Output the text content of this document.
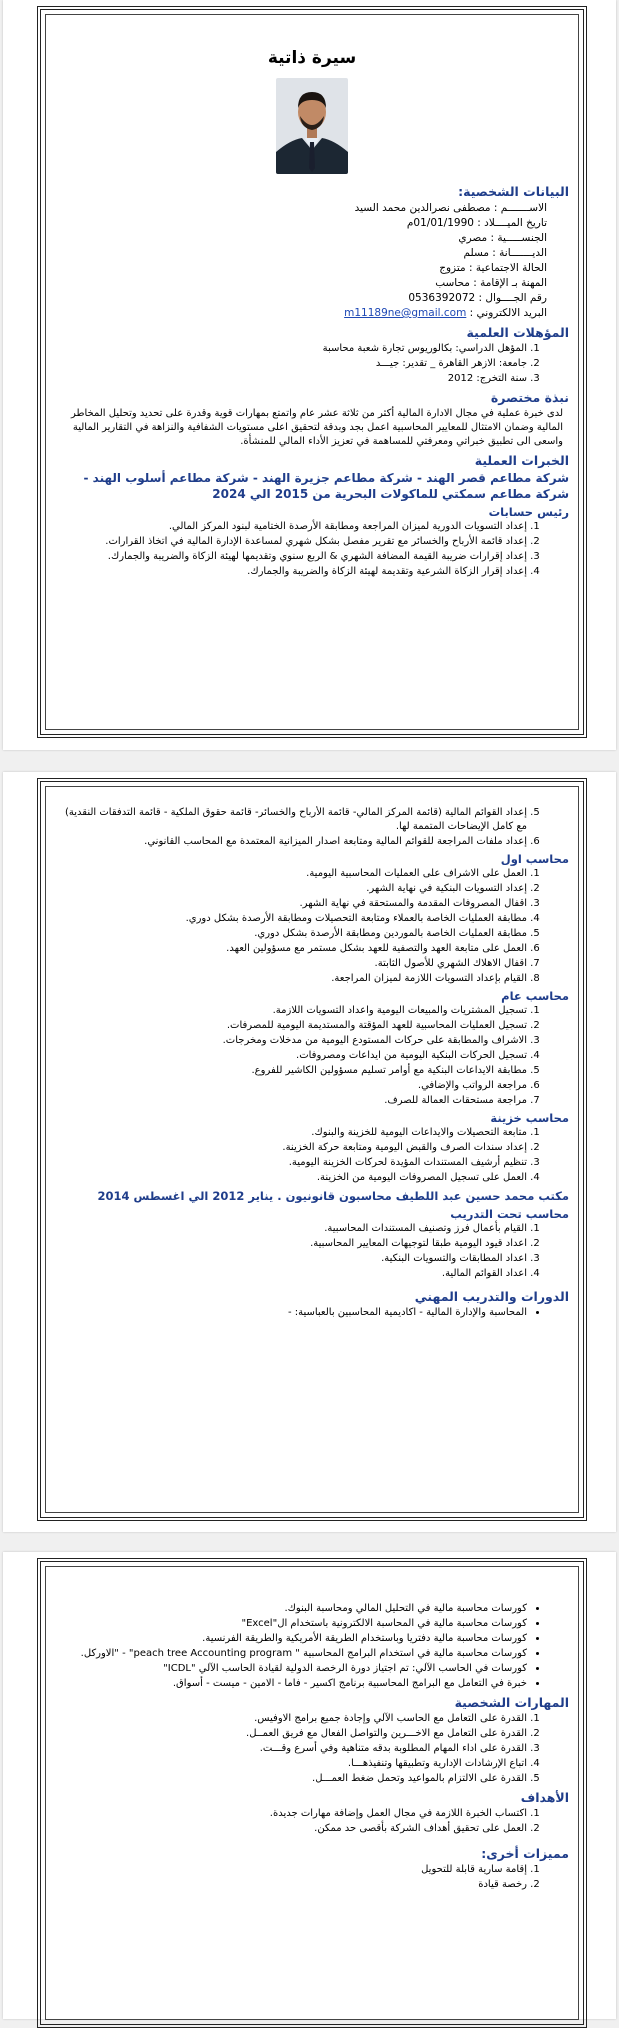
سيرة ذاتية
البيانات الشخصية:
الاســـــــم : مصطفى نصرالدين محمد السيد
تاريخ الميــــلاد : 01/01/1990م
الجنســـــية : مصري
الديـــــــانة : مسلم
الحالة الاجتماعية : متزوج
المهنة بـ الإقامة : محاسب
رقم الجــــوال : 0536392072
البريد الالكتروني : m11189ne@gmail.com
المؤهلات العلمية
1. المؤهل الدراسي: بكالوريوس تجارة شعبة محاسبة
2. جامعة: الازهر القاهرة _ تقدير: جيـــد
3. سنة التخرج: 2012
نبذة مختصرة

لدى خبرة عملية في مجال الادارة المالية أكثر من ثلاثة عشر عام واتمتع بمهارات قوية وقدرة على تحديد وتحليل المخاطر المالية وضمان الامتثال للمعايير المحاسبية اعمل بجد وبدقة لتحقيق اعلى مستويات الشفافية والنزاهة في التقارير المالية واسعى الى تطبيق خبراتي ومعرفتي للمساهمة في تعزيز الأداء المالي للمنشأة.

الخبرات العملية
شركة مطاعم قصر الهند - شركة مطاعم جزيرة الهند - شركة مطاعم أسلوب الهند - شركة مطاعم سمكتي للماكولات البحرية من 2015 الي 2024
رئيس حسابات
1. إعداد التسويات الدورية لميزان المراجعة ومطابقة الأرصدة الختامية لبنود المركز المالي.
2. إعداد قائمة الأرباح والخسائر مع تقرير مفصل بشكل شهري لمساعدة الإدارة المالية في اتخاذ القرارات.
3. إعداد إقرارات ضريبة القيمة المضافة الشهري & الربع سنوي وتقديمها لهيئة الزكاة والضريبة والجمارك.
4. إعداد إقرار الزكاة الشرعية وتقديمة لهيئة الزكاة والضريبة والجمارك.
5. إعداد القوائم المالية (قائمة المركز المالي- قائمة الأرباح والخسائر- قائمة حقوق الملكية - قائمة التدفقات النقدية) مع كامل الإيضاحات المتممة لها.
6. إعداد ملفات المراجعة للقوائم المالية ومتابعة اصدار الميزانية المعتمدة مع المحاسب القانوني.
محاسب اول
1. العمل على الاشراف على العمليات المحاسبية اليومية.
2. إعداد التسويات البنكية في نهاية الشهر.
3. اقفال المصروفات المقدمة والمستحقة في نهاية الشهر.
4. مطابقة العمليات الخاصة بالعملاء ومتابعة التحصيلات ومطابقة الأرصدة بشكل دوري.
5. مطابقة العمليات الخاصة بالموردين ومطابقة الأرصدة بشكل دوري.
6. العمل على متابعة العهد والتصفية للعهد بشكل مستمر مع مسؤولين العهد.
7. اقفال الاهلاك الشهري للأصول الثابتة.
8. القيام بإعداد التسويات اللازمة لميزان المراجعة.
محاسب عام
1. تسجيل المشتريات والمبيعات اليومية واعداد التسويات اللازمة.
2. تسجيل العمليات المحاسبية للعهد المؤقتة والمستديمة اليومية للمصرفات.
3. الاشراف والمطابقة على حركات المستودع اليومية من مدخلات ومخرجات.
4. تسجيل الحركات البنكية اليومية من ايداعات ومصروفات.
5. مطابقة الايداعات البنكية مع أوامر تسليم مسؤولين الكاشير للفروع.
6. مراجعة الرواتب والإضافي.
7. مراجعة مستحقات العمالة للصرف.
محاسب خزينة
1. متابعة التحصيلات والايداعات اليومية للخزينة والبنوك.
2. إعداد سندات الصرف والقبض اليومية ومتابعة حركة الخزينة.
3. تنظيم أرشيف المستندات المؤيدة لحركات الخزينة اليومية.
4. العمل على تسجيل المصروفات اليومية من الخزينة.
مكتب محمد حسين عبد اللطيف محاسبون قانونيون . يناير 2012 الي اغسطس 2014
محاسب تحت التدريب
1. القيام بأعمال فرز وتصنيف المستندات المحاسبية.
2. اعداد قيود اليومية طبقا لتوجيهات المعايير المحاسبية.
3. اعداد المطابقات والتسويات البنكية.
4. اعداد القوائم المالية.
الدورات والتدريب المهني
• المحاسبة والإدارة المالية - اكاديمية المحاسبين بالعباسية: -
• كورسات محاسبة مالية في التحليل المالي ومحاسبة البنوك.
• كورسات محاسبة مالية في المحاسبة الالكترونية باستخدام ال"Excel"
• كورسات محاسبة مالية دفتريا وباستخدام الطريقة الأمريكية والطريقة الفرنسية.
• كورسات محاسبة مالية في استخدام البرامج المحاسبية " peach tree Accounting program" - "الاوركل.
• كورسات في الحاسب الآلي: تم اجتياز دورة الرخصة الدولية لقيادة الحاسب الآلي "ICDL"
• خبرة في التعامل مع البرامج المحاسبية برنامج اكسير - فاما - الامين - ميست - أسواق.
المهارات الشخصية
1. القدرة على التعامل مع الحاسب الآلي وإجادة جميع برامج الاوفيس.
2. القدرة على التعامل مع الاخـــرين والتواصل الفعال مع فريق العمــل.
3. القدرة على اداء المهام المطلوبة بدقه متناهية وفي أسرع وقـــت.
4. اتباع الإرشادات الإدارية وتطبيقها وتنفيذهـــا.
5. القدرة على الالتزام بالمواعيد وتحمل ضغط العمـــل.
الأهداف
1. اكتساب الخبرة اللازمة في مجال العمل وإضافة مهارات جديدة.
2. العمل على تحقيق أهداف الشركة بأقصى حد ممكن.
مميزات أخرى:
1. إقامة سارية قابلة للتحويل
2. رخصة قيادة
